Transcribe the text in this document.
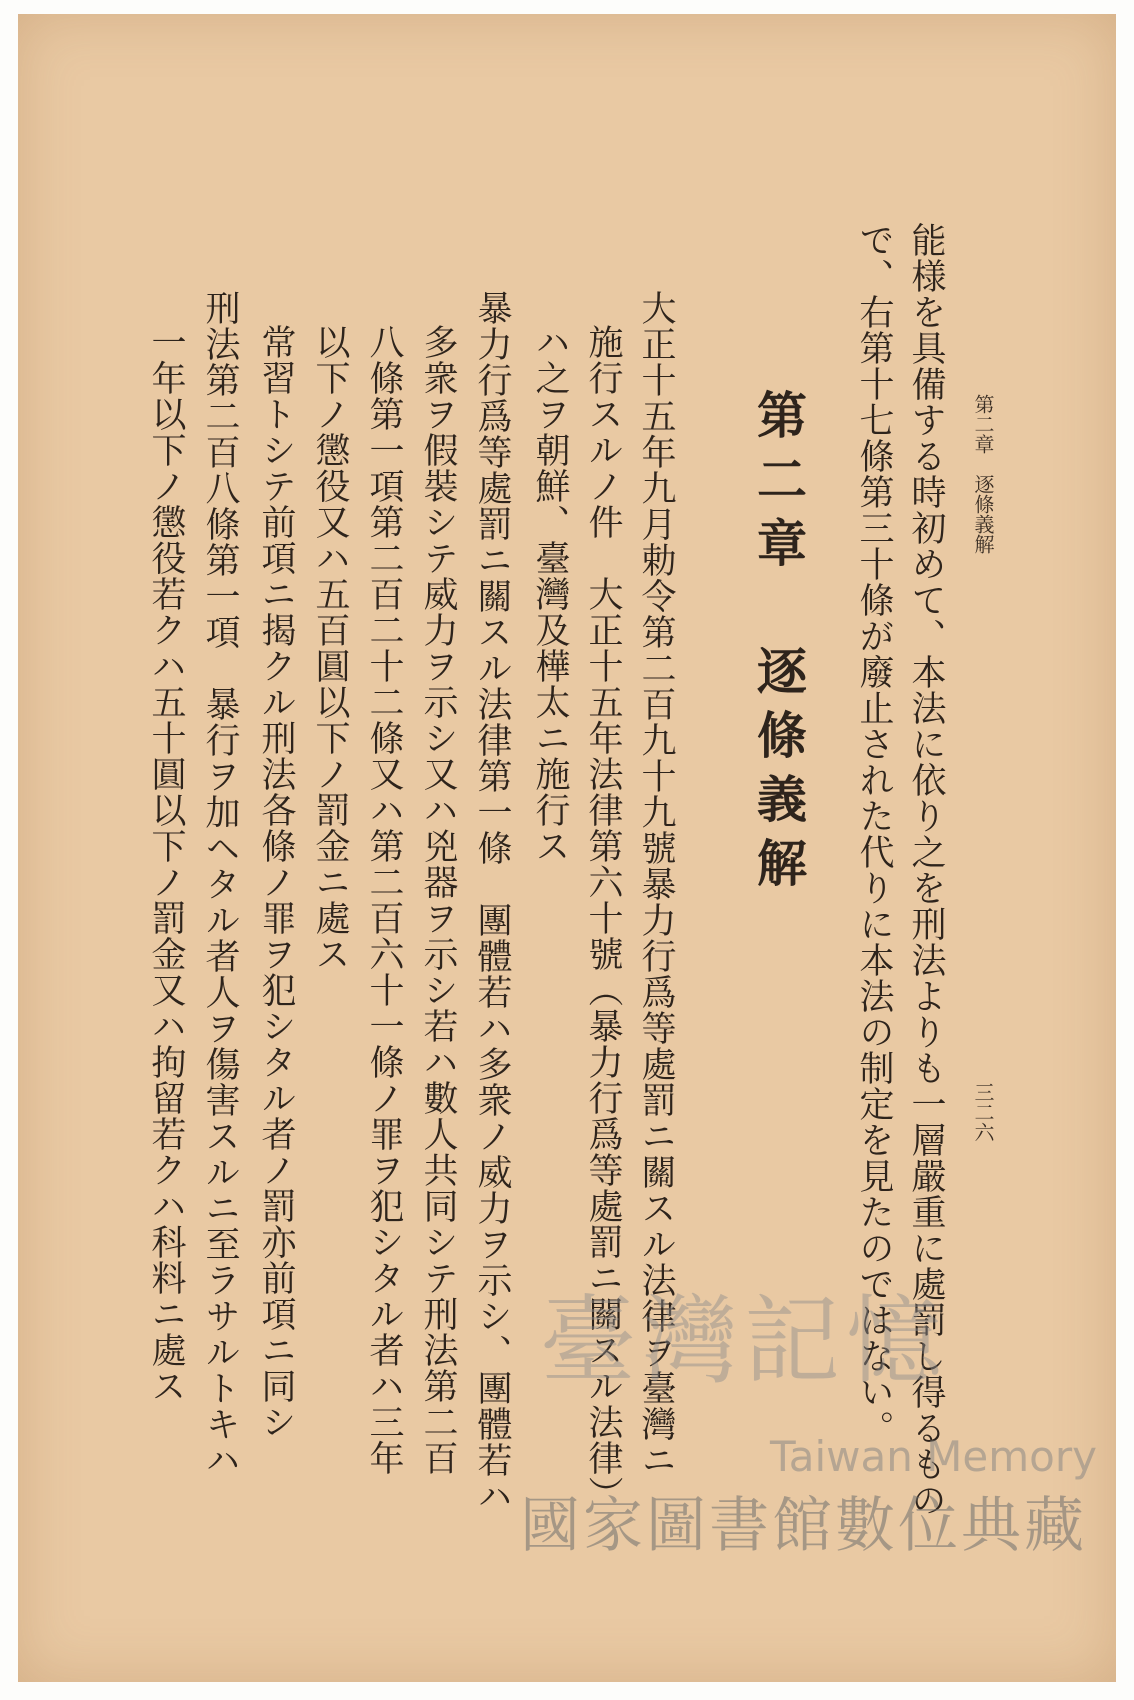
第二章　逐條義解
三二六
能様を具備する時初めて、本法に依り之を刑法よりも一層嚴重に處罰し得るもの
で、右第十七條第三十條が廢止された代りに本法の制定を見たのではない。
第二章　逐條義解
大正十五年九月勅令第二百九十九號暴力行爲等處罰ニ關スル法律ヲ臺灣ニ
施行スルノ件　大正十五年法律第六十號（暴力行爲等處罰ニ關スル法律）
ハ之ヲ朝鮮、臺灣及樺太ニ施行ス
暴力行爲等處罰ニ關スル法律第一條　團體若ハ多衆ノ威力ヲ示シ、團體若ハ
多衆ヲ假裝シテ威力ヲ示シ又ハ兇器ヲ示シ若ハ數人共同シテ刑法第二百
八條第一項第二百二十二條又ハ第二百六十一條ノ罪ヲ犯シタル者ハ三年
以下ノ懲役又ハ五百圓以下ノ罰金ニ處ス
常習トシテ前項ニ揭クル刑法各條ノ罪ヲ犯シタル者ノ罰亦前項ニ同シ
刑法第二百八條第一項　暴行ヲ加ヘタル者人ヲ傷害スルニ至ラサルトキハ
一年以下ノ懲役若クハ五十圓以下ノ罰金又ハ拘留若クハ科料ニ處ス	臺灣記憶
Taiwan Memory
國家圖書館數位典藏
